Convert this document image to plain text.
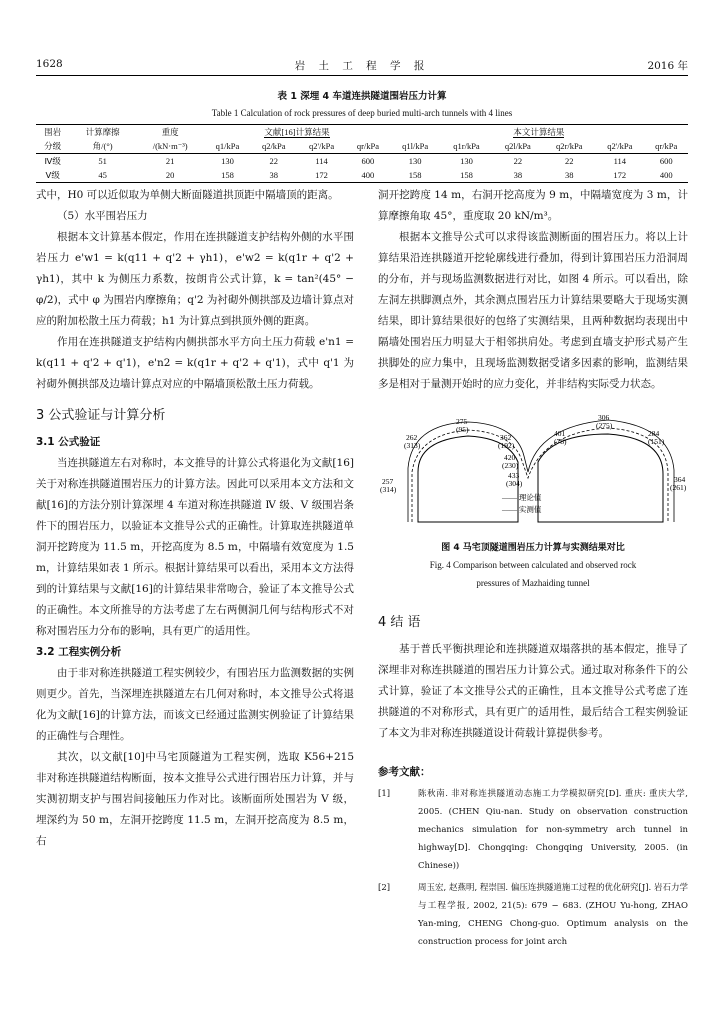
1628	岩 土 工 程 学 报	2016 年
表 1 深埋 4 车道连拱隧道围岩压力计算
Table 1 Calculation of rock pressures of deep buried multi-arch tunnels with 4 lines
围岩	计算摩擦	重度	文献[16]计算结果				本文计算结果					
分级	角/(°)	/(kN·m⁻³)	q1/kPa	q2/kPa	q2'/kPa	qr/kPa	q1l/kPa	q1r/kPa	q2l/kPa	q2r/kPa	q2'/kPa	qr/kPa
Ⅳ级	51	21	130	22	114	600	130	130	22	22	114	600
Ⅴ级	45	20	158	38	172	400	158	158	38	38	172	400

式中，H0 可以近似取为单侧大断面隧道拱顶距中隔墙顶的距离。

（5）水平围岩压力

根据本文计算基本假定，作用在连拱隧道支护结构外侧的水平围岩压力 e'w1 = k(q11 + q'2 + γh1)，e'w2 = k(q1r + q'2 + γh1)，其中 k 为侧压力系数，按朗肯公式计算，k = tan²(45° − φ/2)，式中 φ 为围岩内摩擦角；q'2 为衬砌外侧拱部及边墙计算点对应的附加松散土压力荷载；h1 为计算点到拱顶外侧的距离。

作用在连拱隧道支护结构内侧拱部水平方向土压力荷载 e'n1 = k(q11 + q'2 + q'1)，e'n2 = k(q1r + q'2 + q'1)，式中 q'1 为衬砌外侧拱部及边墙计算点对应的中隔墙顶松散土压力荷载。

3 公式验证与计算分析
3.1 公式验证

当连拱隧道左右对称时，本文推导的计算公式将退化为文献[16]关于对称连拱隧道围岩压力的计算方法。因此可以采用本文方法和文献[16]的方法分别计算深埋 4 车道对称连拱隧道 Ⅳ 级、Ⅴ 级围岩条件下的围岩压力，以验证本文推导公式的正确性。计算取连拱隧道单洞开挖跨度为 11.5 m，开挖高度为 8.5 m，中隔墙有效宽度为 1.5 m，计算结果如表 1 所示。根据计算结果可以看出，采用本文方法得到的计算结果与文献[16]的计算结果非常吻合，验证了本文推导公式的正确性。本文所推导的方法考虑了左右两侧洞几何与结构形式不对称对围岩压力分布的影响，具有更广的适用性。

3.2 工程实例分析

由于非对称连拱隧道工程实例较少，有围岩压力监测数据的实例则更少。首先，当深埋连拱隧道左右几何对称时，本文推导公式将退化为文献[16]的计算方法，而该文已经通过监测实例验证了计算结果的正确性与合理性。

其次，以文献[10]中马宅顶隧道为工程实例，选取 K56+215 非对称连拱隧道结构断面，按本文推导公式进行围岩压力计算，并与实测初期支护与围岩间接触压力作对比。该断面所处围岩为 Ⅴ 级，埋深约为 50 m，左洞开挖跨度 11.5 m，左洞开挖高度为 8.5 m，右

洞开挖跨度 14 m，右洞开挖高度为 9 m，中隔墙宽度为 3 m，计算摩擦角取 45°，重度取 20 kN/m³。

根据本文推导公式可以求得该监测断面的围岩压力。将以上计算结果沿连拱隧道开挖轮廓线进行叠加，得到计算围岩压力沿洞周的分布，并与现场监测数据进行对比，如图 4 所示。可以看出，除左洞左拱脚测点外，其余测点围岩压力计算结果要略大于现场实测结果，即计算结果很好的包络了实测结果，且两种数据均表现出中隔墙处围岩压力明显大于相邻拱肩处。考虑到直墙支护形式易产生拱脚处的应力集中，且现场监测数据受诸多因素的影响，监测结果多是相对于量测开始时的应力变化，并非结构实际受力状态。

275
(95)
262
(313)
362
(192)
420
(230)
401
(78)
306
(275)
284
(151)
257
(314)
433
(304)	364
(261)
—— 理论值
‒‒‒‒ 实测值
图 4 马宅顶隧道围岩压力计算与实测结果对比
Fig. 4 Comparison between calculated and observed rock
pressures of Mazhaiding tunnel
4 结 语

基于普氏平衡拱理论和连拱隧道双塌落拱的基本假定，推导了深埋非对称连拱隧道的围岩压力计算公式。通过取对称条件下的公式计算，验证了本文推导公式的正确性，且本文推导公式考虑了连拱隧道的不对称形式，具有更广的适用性，最后结合工程实例验证了本文为非对称连拱隧道设计荷载计算提供参考。

参考文献：
[1]	陈秋南. 非对称连拱隧道动态施工力学模拟研究[D]. 重庆: 重庆大学, 2005. (CHEN Qiu-nan. Study on observation construction mechanics simulation for non-symmetry arch tunnel in highway[D]. Chongqing: Chongqing University, 2005. (in Chinese))
[2]	周玉宏, 赵燕明, 程崇国. 偏压连拱隧道施工过程的优化研究[J]. 岩石力学与工程学报, 2002, 21(5): 679 − 683. (ZHOU Yu-hong, ZHAO Yan-ming, CHENG Chong-guo. Optimum analysis on the construction process for joint arch
